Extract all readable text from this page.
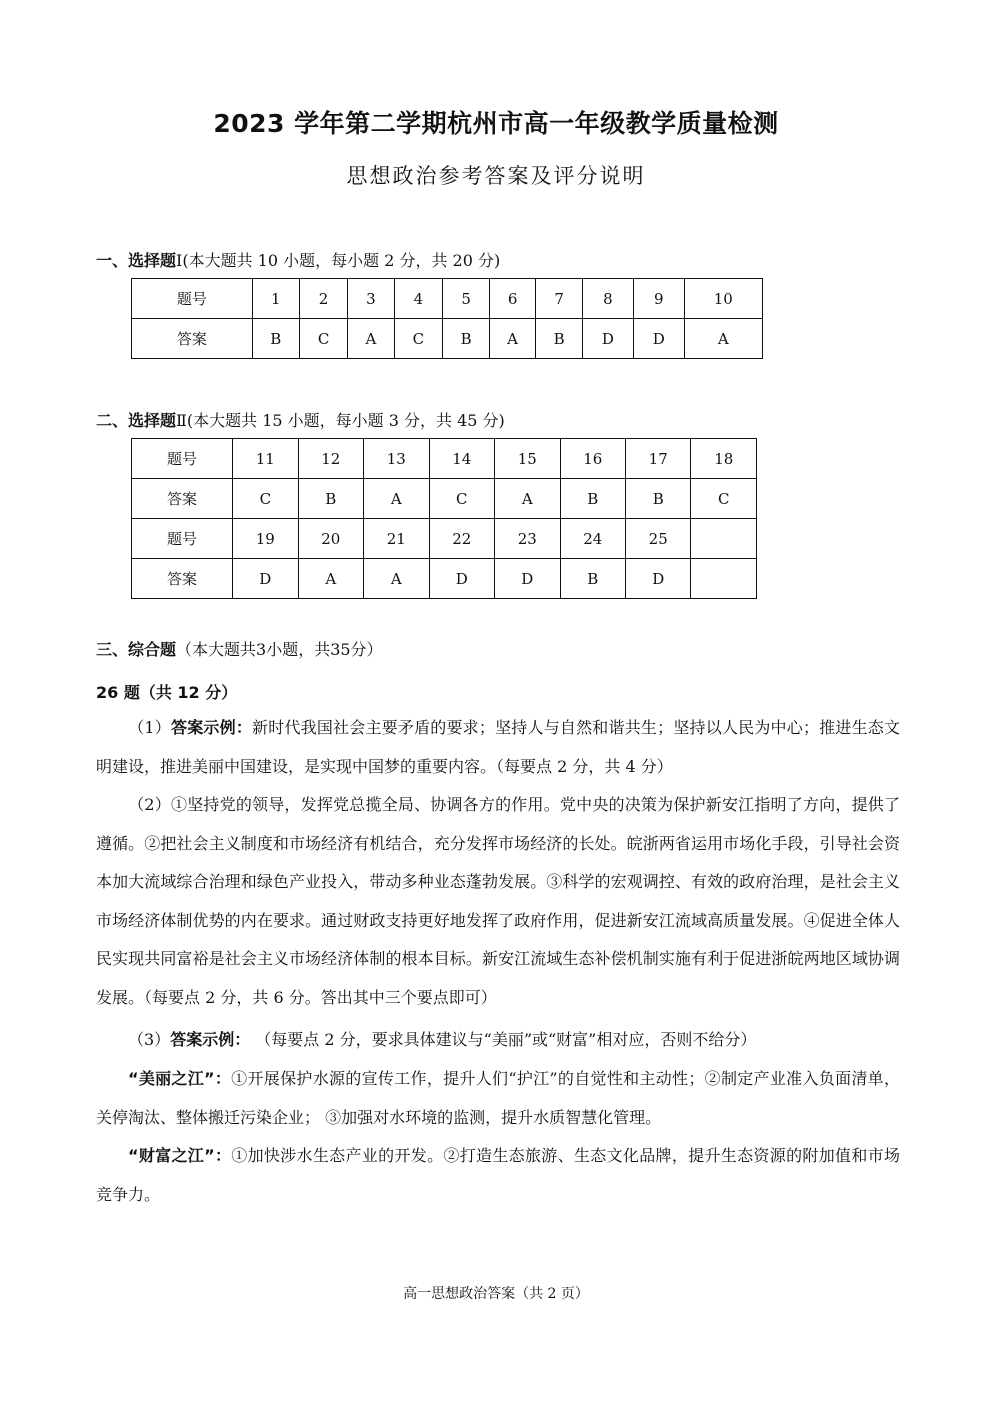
2023 学年第二学期杭州市高一年级教学质量检测
思想政治参考答案及评分说明
一、选择题Ⅰ(本大题共 10 小题，每小题 2 分，共 20 分)
题号	1	2	3	4	5	6	7	8	9	10
答案	B	C	A	C	B	A	B	D	D	A
二、选择题Ⅱ(本大题共 15 小题，每小题 3 分，共 45 分)
题号	11	12	13	14	15	16	17	18
答案	C	B	A	C	A	B	B	C
题号	19	20	21	22	23	24	25	
答案	D	A	A	D	D	B	D	
三、综合题（本大题共3小题，共35分）
26 题（共 12 分）
（1）答案示例：新时代我国社会主要矛盾的要求；坚持人与自然和谐共生；坚持以人民为中心；推进生态文明建设，推进美丽中国建设，是实现中国梦的重要内容。（每要点 2 分，共 4 分）
（2）①坚持党的领导，发挥党总揽全局、协调各方的作用。党中央的决策为保护新安江指明了方向，提供了遵循。②把社会主义制度和市场经济有机结合，充分发挥市场经济的长处。皖浙两省运用市场化手段，引导社会资本加大流域综合治理和绿色产业投入，带动多种业态蓬勃发展。③科学的宏观调控、有效的政府治理，是社会主义市场经济体制优势的内在要求。通过财政支持更好地发挥了政府作用，促进新安江流域高质量发展。④促进全体人民实现共同富裕是社会主义市场经济体制的根本目标。新安江流域生态补偿机制实施有利于促进浙皖两地区域协调发展。（每要点 2 分，共 6 分。答出其中三个要点即可）
（3）答案示例： （每要点 2 分，要求具体建议与“美丽”或“财富”相对应，否则不给分）
“美丽之江”：①开展保护水源的宣传工作，提升人们“护江”的自觉性和主动性；②制定产业准入负面清单，关停淘汰、整体搬迁污染企业； ③加强对水环境的监测，提升水质智慧化管理。
“财富之江”：①加快涉水生态产业的开发。②打造生态旅游、生态文化品牌，提升生态资源的附加值和市场竞争力。
高一思想政治答案（共 2 页）
